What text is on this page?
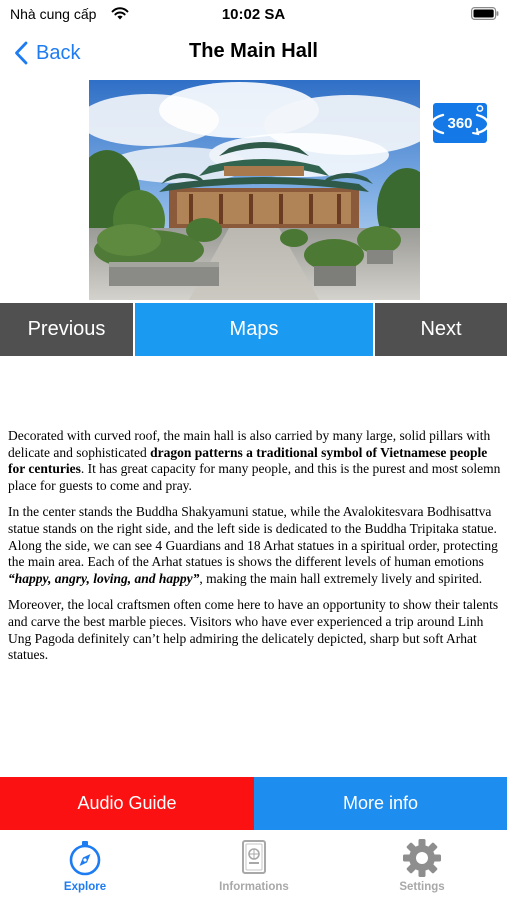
Nhà cung cấp	10:02 SA
Back	The Main Hall
360
Previous	Maps	Next

Decorated with curved roof, the main hall is also carried by many large, solid pillars with delicate and sophisticated dragon patterns a traditional symbol of Vietnamese people for centuries. It has great capacity for many people, and this is the purest and most solemn place for guests to come and pray.

In the center stands the Buddha Shakyamuni statue, while the Avalokitesvara Bodhisattva statue stands on the right side, and the left side is dedicated to the Buddha Tripitaka statue. Along the side, we can see 4 Guardians and 18 Arhat statues in a spiritual order, protecting the main area. Each of the Arhat statues is shows the different levels of human emotions “happy, angry, loving, and happy”, making the main hall extremely lively and spirited.

Moreover, the local craftsmen often come here to have an opportunity to show their talents and carve the best marble pieces. Visitors who have ever experienced a trip around Linh Ung Pagoda definitely can’t help admiring the delicately depicted, sharp but soft Arhat statues.

Audio Guide	More info
Explore	Informations	Settings
